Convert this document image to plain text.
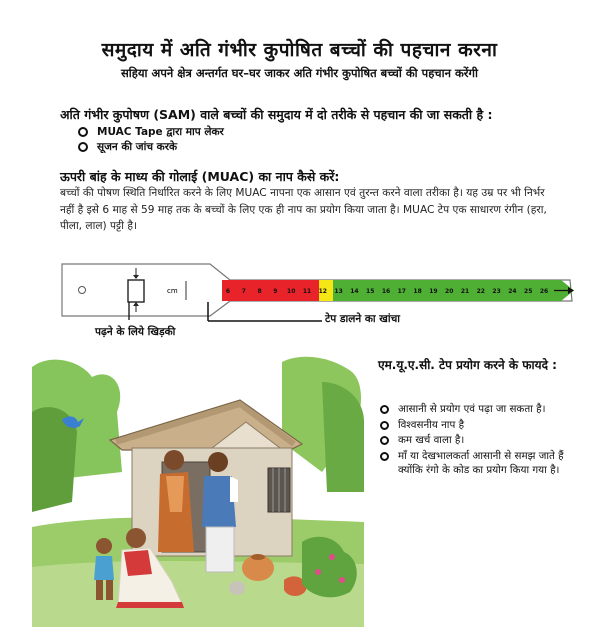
समुदाय में अति गंभीर कुपोषित बच्चों की पहचान करना
सहिया अपने क्षेत्र अन्तर्गत घर–घर जाकर अति गंभीर कुपोषित बच्चों की पहचान करेंगी
अति गंभीर कुपोषण (SAM) वाले बच्चों की समुदाय में दो तरीके से पहचान की जा सकती है :
MUAC Tape द्वारा माप लेकर
सूजन की जांच करके
ऊपरी बांह के माध्य की गोलाई (MUAC) का नाप कैसे करें:
बच्चों की पोषण स्थिति निर्धारित करने के लिए MUAC नापना एक आसान एवं तुरन्त करने वाला तरीका है। यह उम्र पर भी निर्भर नहीं है इसे 6 माह से 59 माह तक के बच्चों के लिए एक ही नाप का प्रयोग किया जाता है। MUAC टेप एक साधारण रंगीन (हरा, पीला, लाल) पट्टी है।
cm	6 7 8 9 10 11 12 13 14 15 16 17 18 19 20 21 22 23 24 25 26
पढ़ने के लिये खिड़की
टेप डालने का खांचा
एम.यू.ए.सी. टेप प्रयोग करने के फायदे :
आसानी से प्रयोग एवं पढ़ा जा सकता है।
विश्वसनीय नाप है
कम खर्च वाला है।
माँ या देखभालकर्ता आसानी से समझ जाते हैं क्योंकि रंगो के कोड का प्रयोग किया गया है।
